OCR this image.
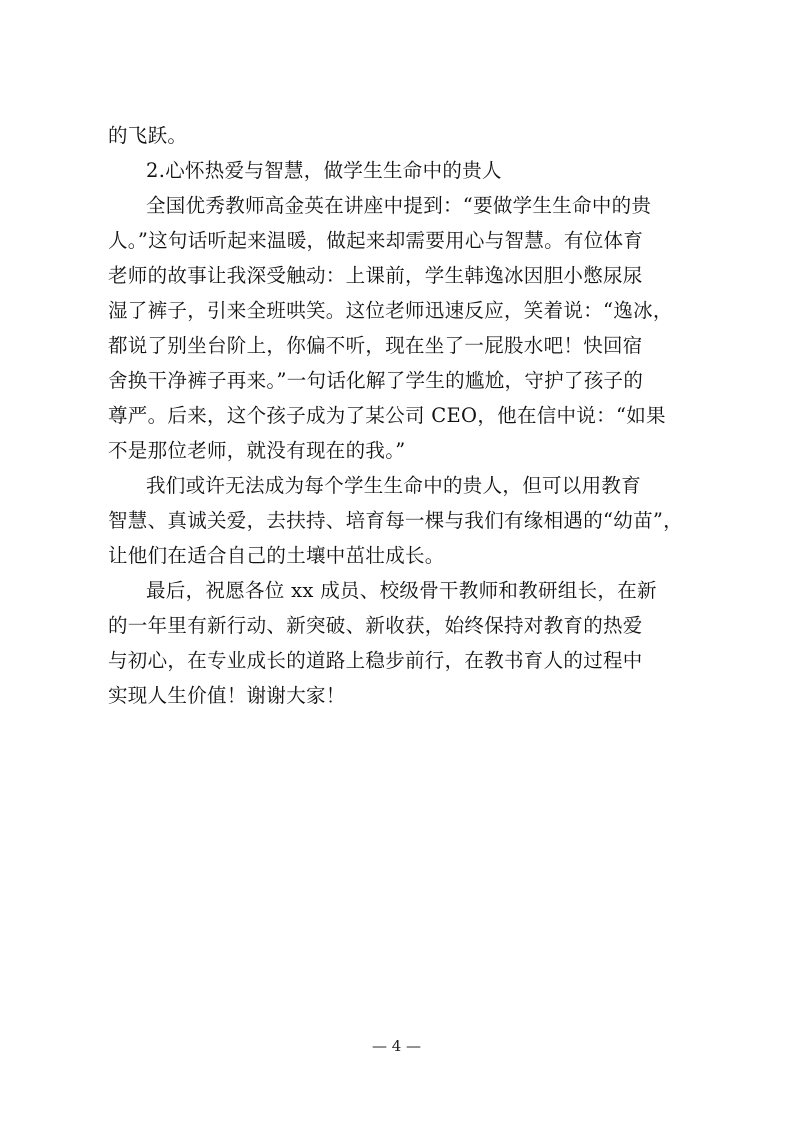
的飞跃。
2.心怀热爱与智慧，做学生生命中的贵人
全国优秀教师高金英在讲座中提到：“要做学生生命中的贵
人。”这句话听起来温暖，做起来却需要用心与智慧。有位体育
老师的故事让我深受触动：上课前，学生韩逸冰因胆小憋尿尿
湿了裤子，引来全班哄笑。这位老师迅速反应，笑着说：“逸冰，
都说了别坐台阶上，你偏不听，现在坐了一屁股水吧！快回宿
舍换干净裤子再来。”一句话化解了学生的尴尬，守护了孩子的
尊严。后来，这个孩子成为了某公司 CEO，他在信中说：“如果
不是那位老师，就没有现在的我。”
我们或许无法成为每个学生生命中的贵人，但可以用教育
智慧、真诚关爱，去扶持、培育每一棵与我们有缘相遇的“幼苗”，
让他们在适合自己的土壤中茁壮成长。
最后，祝愿各位 xx 成员、校级骨干教师和教研组长，在新
的一年里有新行动、新突破、新收获，始终保持对教育的热爱
与初心，在专业成长的道路上稳步前行，在教书育人的过程中
实现人生价值！谢谢大家！
— 4 —
